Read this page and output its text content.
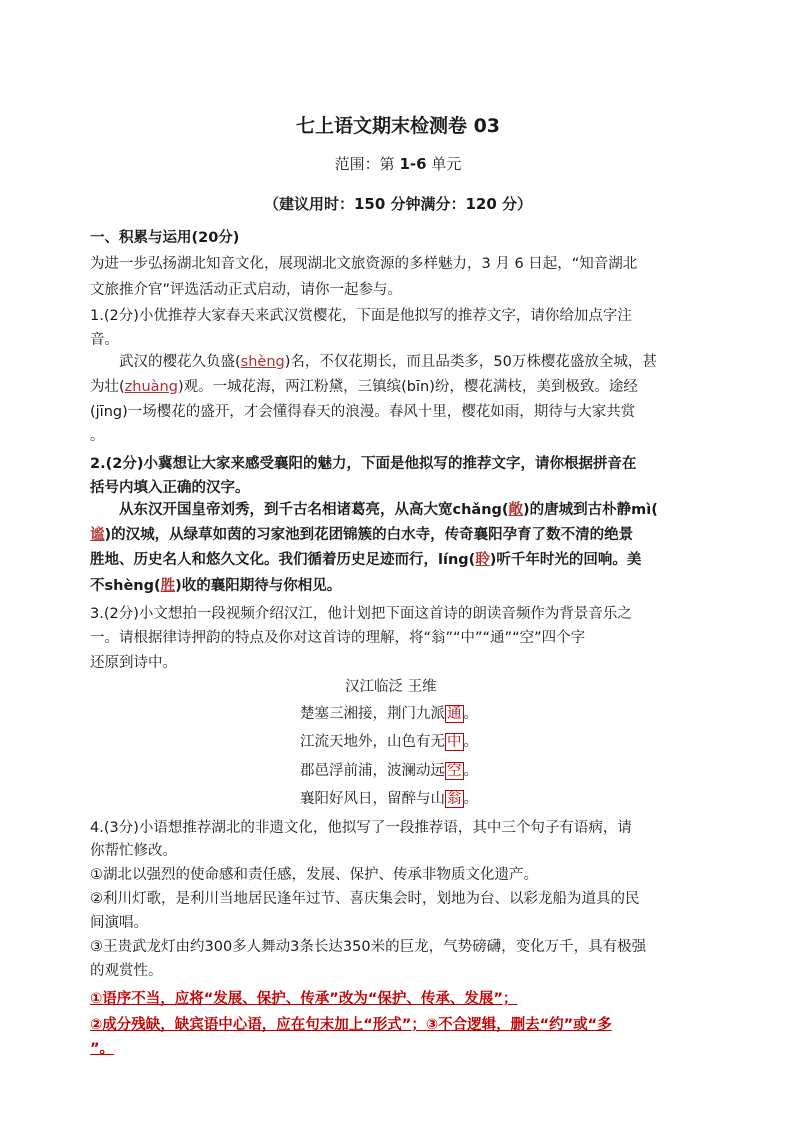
七上语文期末检测卷 03
范围：第 1-6 单元
（建议用时：150 分钟满分：120 分）
一、积累与运用(20分)
为进一步弘扬湖北知音文化，展现湖北文旅资源的多样魅力，3 月 6 日起，“知音湖北
文旅推介官”评选活动正式启动，请你一起参与。
1.(2分)小优推荐大家春天来武汉赏樱花，下面是他拟写的推荐文字，请你给加点字注
音。
武汉的樱花久负盛(shèng)名，不仅花期长，而且品类多，50万株樱花盛放全城，甚
为壮(zhuàng)观。一城花海，两江粉黛，三镇缤(bīn)纷，樱花满枝，美到极致。途经
(jīng)一场樱花的盛开，才会懂得春天的浪漫。春风十里，樱花如雨，期待与大家共赏
。
2.(2分)小冀想让大家来感受襄阳的魅力，下面是他拟写的推荐文字，请你根据拼音在
括号内填入正确的汉字。
从东汉开国皇帝刘秀，到千古名相诸葛亮，从高大宽chǎng(敞)的唐城到古朴静mì(
谧)的汉城，从绿草如茵的习家池到花团锦簇的白水寺，传奇襄阳孕育了数不清的绝景
胜地、历史名人和悠久文化。我们循着历史足迹而行，líng(聆)听千年时光的回响。美
不shèng(胜)收的襄阳期待与你相见。
3.(2分)小文想拍一段视频介绍汉江，他计划把下面这首诗的朗读音频作为背景音乐之
一。请根据律诗押韵的特点及你对这首诗的理解，将“翁”“中”“通”“空”四个字
还原到诗中。
汉江临泛 王维
楚塞三湘接，荆门九派 通 。
江流天地外，山色有无 中 。
郡邑浮前浦，波澜动远 空 。
襄阳好风日，留醉与山 翁 。
4.(3分)小语想推荐湖北的非遗文化，他拟写了一段推荐语，其中三个句子有语病，请
你帮忙修改。
①湖北以强烈的使命感和责任感，发展、保护、传承非物质文化遗产。
②利川灯歌，是利川当地居民逢年过节、喜庆集会时，划地为台、以彩龙船为道具的民
间演唱。
③王贵武龙灯由约300多人舞动3条长达350米的巨龙，气势磅礴，变化万千，具有极强
的观赏性。
①语序不当，应将“发展、保护、传承”改为“保护、传承、发展”；
②成分残缺，缺宾语中心语，应在句末加上“形式”；③不合逻辑，删去“约”或“多
”。
